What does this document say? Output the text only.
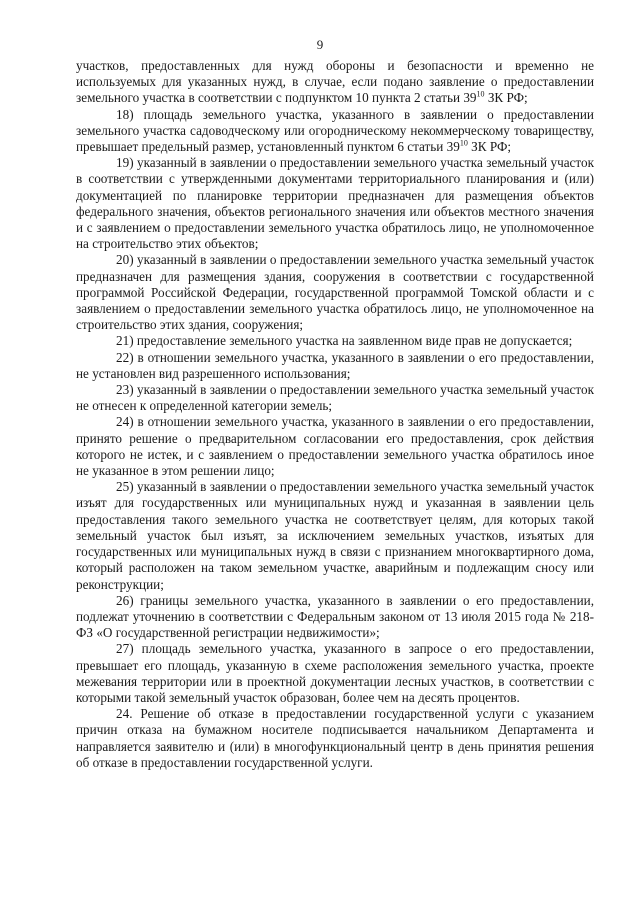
9

участков, предоставленных для нужд обороны и безопасности и временно не используемых для указанных нужд, в случае, если подано заявление о предоставлении земельного участка в соответствии с подпунктом 10 пункта 2 статьи $39^{10}$ ЗК РФ;

18) площадь земельного участка, указанного в заявлении о предоставлении земельного участка садоводческому или огородническому некоммерческому товариществу, превышает предельный размер, установленный пунктом 6 статьи $39^{10}$ ЗК РФ;

19) указанный в заявлении о предоставлении земельного участка земельный участок в соответствии с утвержденными документами территориального планирования и (или) документацией по планировке территории предназначен для размещения объектов федерального значения, объектов регионального значения или объектов местного значения и с заявлением о предоставлении земельного участка обратилось лицо, не уполномоченное на строительство этих объектов;

20) указанный в заявлении о предоставлении земельного участка земельный участок предназначен для размещения здания, сооружения в соответствии с государственной программой Российской Федерации, государственной программой Томской области и с заявлением о предоставлении земельного участка обратилось лицо, не уполномоченное на строительство этих здания, сооружения;

21) предоставление земельного участка на заявленном виде прав не допускается;

22) в отношении земельного участка, указанного в заявлении о его предоставлении, не установлен вид разрешенного использования;

23) указанный в заявлении о предоставлении земельного участка земельный участок не отнесен к определенной категории земель;

24) в отношении земельного участка, указанного в заявлении о его предоставлении, принято решение о предварительном согласовании его предоставления, срок действия которого не истек, и с заявлением о предоставлении земельного участка обратилось иное не указанное в этом решении лицо;

25) указанный в заявлении о предоставлении земельного участка земельный участок изъят для государственных или муниципальных нужд и указанная в заявлении цель предоставления такого земельного участка не соответствует целям, для которых такой земельный участок был изъят, за исключением земельных участков, изъятых для государственных или муниципальных нужд в связи с признанием многоквартирного дома, который расположен на таком земельном участке, аварийным и подлежащим сносу или реконструкции;

26) границы земельного участка, указанного в заявлении о его предоставлении, подлежат уточнению в соответствии с Федеральным законом от 13 июля 2015 года № 218-ФЗ «О государственной регистрации недвижимости»;

27) площадь земельного участка, указанного в запросе о его предоставлении, превышает его площадь, указанную в схеме расположения земельного участка, проекте межевания территории или в проектной документации лесных участков, в соответствии с которыми такой земельный участок образован, более чем на десять процентов.

24. Решение об отказе в предоставлении государственной услуги с указанием причин отказа на бумажном носителе подписывается начальником Департамента и направляется заявителю и (или) в многофункциональный центр в день принятия решения об отказе в предоставлении государственной услуги.
